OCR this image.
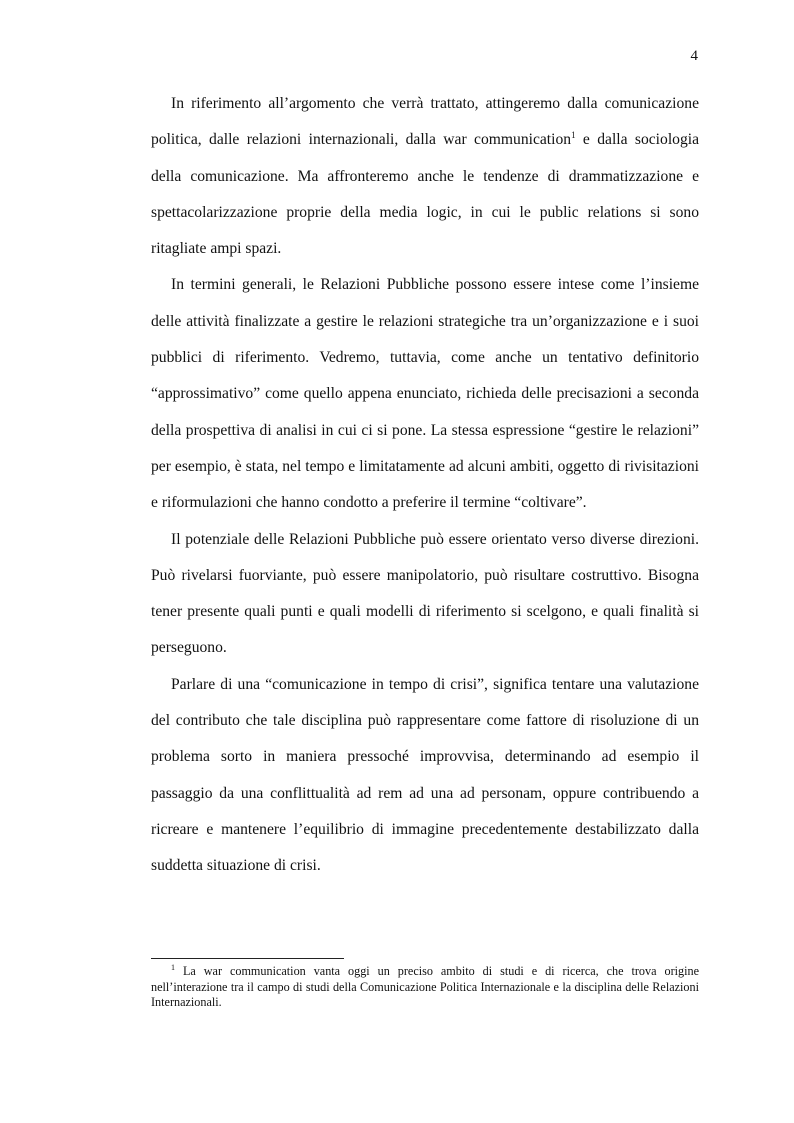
4

In riferimento all’argomento che verrà trattato, attingeremo dalla comunicazione politica, dalle relazioni internazionali, dalla war communication$^1$ e dalla sociologia della comunicazione. Ma affronteremo anche le tendenze di drammatizzazione e spettacolarizzazione proprie della media logic, in cui le public relations si sono ritagliate ampi spazi.

In termini generali, le Relazioni Pubbliche possono essere intese come l’insieme delle attività finalizzate a gestire le relazioni strategiche tra un’organizzazione e i suoi pubblici di riferimento. Vedremo, tuttavia, come anche un tentativo definitorio “approssimativo” come quello appena enunciato, richieda delle precisazioni a seconda della prospettiva di analisi in cui ci si pone. La stessa espressione “gestire le relazioni” per esempio, è stata, nel tempo e limitatamente ad alcuni ambiti, oggetto di rivisitazioni e riformulazioni che hanno condotto a preferire il termine “coltivare”.

Il potenziale delle Relazioni Pubbliche può essere orientato verso diverse direzioni. Può rivelarsi fuorviante, può essere manipolatorio, può risultare costruttivo. Bisogna tener presente quali punti e quali modelli di riferimento si scelgono, e quali finalità si perseguono.

Parlare di una “comunicazione in tempo di crisi”, significa tentare una valutazione del contributo che tale disciplina può rappresentare come fattore di risoluzione di un problema sorto in maniera pressoché improvvisa, determinando ad esempio il passaggio da una conflittualità ad rem ad una ad personam, oppure contribuendo a ricreare e mantenere l’equilibrio di immagine precedentemente destabilizzato dalla suddetta situazione di crisi.

$^1$ La war communication vanta oggi un preciso ambito di studi e di ricerca, che trova origine nell’interazione tra il campo di studi della Comunicazione Politica Internazionale e la disciplina delle Relazioni Internazionali.
